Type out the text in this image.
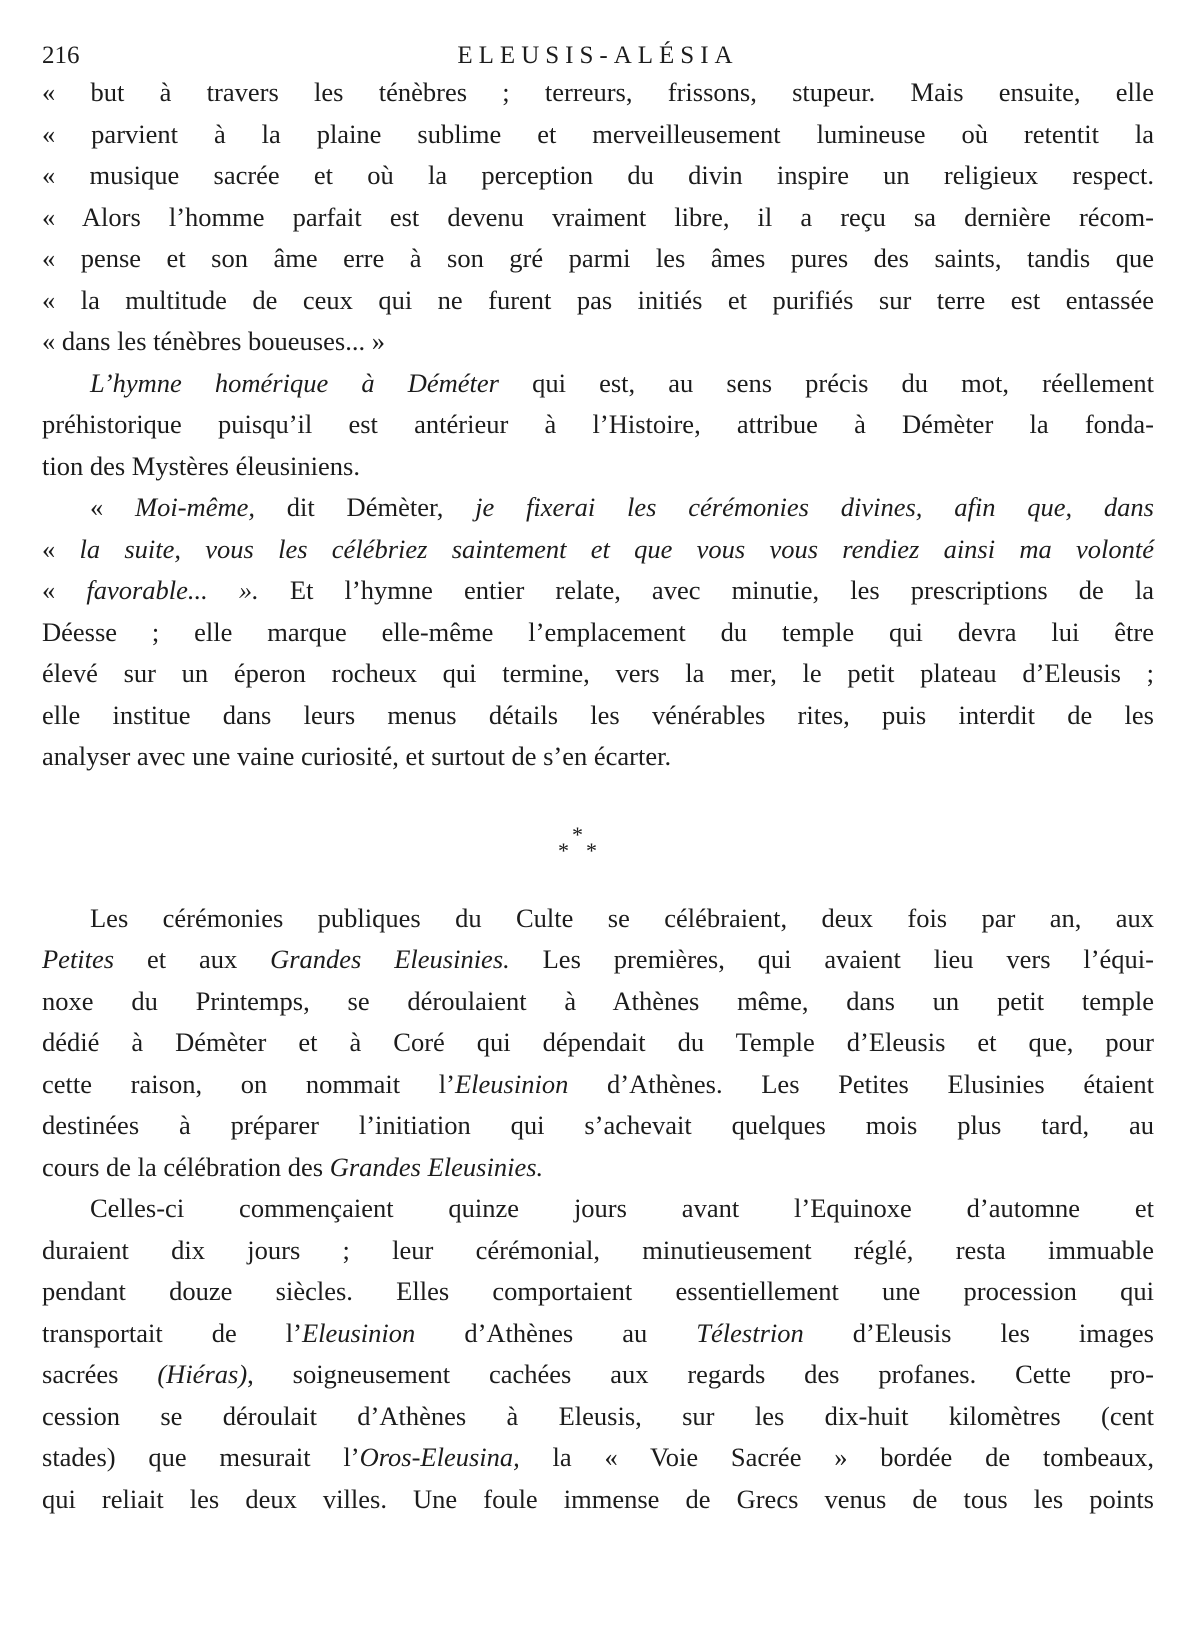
216	ELEUSIS-ALÉSIA

« but à travers les ténèbres ; terreurs, frissons, stupeur. Mais ensuite, elle
« parvient à la plaine sublime et merveilleusement lumineuse où retentit la
« musique sacrée et où la perception du divin inspire un religieux respect.
« Alors l’homme parfait est devenu vraiment libre, il a reçu sa dernière récom-
« pense et son âme erre à son gré parmi les âmes pures des saints, tandis que
« la multitude de ceux qui ne furent pas initiés et purifiés sur terre est entassée
« dans les ténèbres boueuses... »

L’hymne homérique à Déméter qui est, au sens précis du mot, réellement
préhistorique puisqu’il est antérieur à l’Histoire, attribue à Démèter la fonda-
tion des Mystères éleusiniens.

« Moi-même, dit Démèter, je fixerai les cérémonies divines, afin que, dans
« la suite, vous les célébriez saintement et que vous vous rendiez ainsi ma volonté
« favorable... ». Et l’hymne entier relate, avec minutie, les prescriptions de la
Déesse ; elle marque elle-même l’emplacement du temple qui devra lui être
élevé sur un éperon rocheux qui termine, vers la mer, le petit plateau d’Eleusis ;
elle institue dans leurs menus détails les vénérables rites, puis interdit de les
analyser avec une vaine curiosité, et surtout de s’en écarter.

*
* *

Les cérémonies publiques du Culte se célébraient, deux fois par an, aux
Petites et aux Grandes Eleusinies. Les premières, qui avaient lieu vers l’équi-
noxe du Printemps, se déroulaient à Athènes même, dans un petit temple
dédié à Démèter et à Coré qui dépendait du Temple d’Eleusis et que, pour
cette raison, on nommait l’Eleusinion d’Athènes. Les Petites Elusinies étaient
destinées à préparer l’initiation qui s’achevait quelques mois plus tard, au
cours de la célébration des Grandes Eleusinies.

Celles-ci commençaient quinze jours avant l’Equinoxe d’automne et
duraient dix jours ; leur cérémonial, minutieusement réglé, resta immuable
pendant douze siècles. Elles comportaient essentiellement une procession qui
transportait de l’Eleusinion d’Athènes au Télestrion d’Eleusis les images
sacrées (Hiéras), soigneusement cachées aux regards des profanes. Cette pro-
cession se déroulait d’Athènes à Eleusis, sur les dix-huit kilomètres (cent
stades) que mesurait l’Oros-Eleusina, la « Voie Sacrée » bordée de tombeaux,
qui reliait les deux villes. Une foule immense de Grecs venus de tous les points
